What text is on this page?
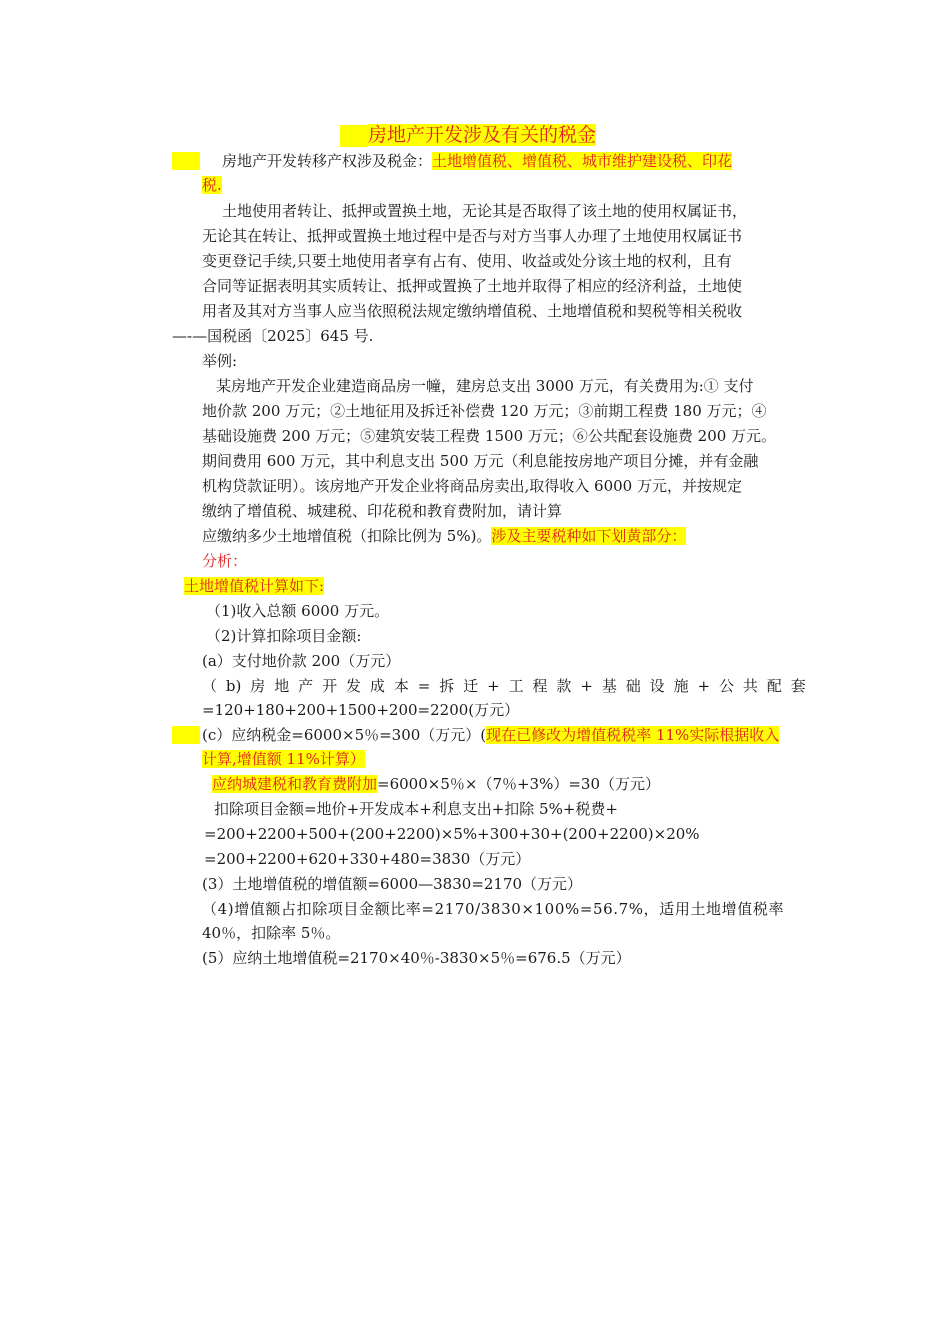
房地产开发涉及有关的税金
房地产开发转移产权涉及税金：土地增值税、增值税、城市维护建设税、印花
税.
土地使用者转让、抵押或置换土地，无论其是否取得了该土地的使用权属证书，
无论其在转让、抵押或置换土地过程中是否与对方当事人办理了土地使用权属证书
变更登记手续,只要土地使用者享有占有、使用、收益或处分该土地的权利，且有
合同等证据表明其实质转让、抵押或置换了土地并取得了相应的经济利益，土地使
用者及其对方当事人应当依照税法规定缴纳增值税、土地增值税和契税等相关税收
—-—国税函〔2025〕645 号.
举例:
某房地产开发企业建造商品房一幢，建房总支出 3000 万元，有关费用为:① 支付
地价款 200 万元；②土地征用及拆迁补偿费 120 万元；③前期工程费 180 万元；④
基础设施费 200 万元；⑤建筑安装工程费 1500 万元；⑥公共配套设施费 200 万元。
期间费用 600 万元，其中利息支出 500 万元（利息能按房地产项目分摊，并有金融
机构贷款证明）。该房地产开发企业将商品房卖出,取得收入 6000 万元，并按规定
缴纳了增值税、城建税、印花税和教育费附加，请计算
应缴纳多少土地增值税（扣除比例为 5%)。涉及主要税种如下划黄部分：
分析：
土地增值税计算如下:
（1)收入总额 6000 万元。
（2)计算扣除项目金额:
(a）支付地价款 200（万元）
（ b) 房 地 产 开 发 成 本 = 拆 迁 + 工 程 款 + 基 础 设 施 + 公 共 配 套
=120+180+200+1500+200=2200(万元）
(c）应纳税金=6000×5％=300（万元）(现在已修改为增值税税率 11%实际根据收入
计算,增值额 11%计算）
应纳城建税和教育费附加=6000×5％×（7％+3%）=30（万元）
扣除项目金额=地价+开发成本+利息支出+扣除 5%+税费+
=200+2200+500+(200+2200)×5%+300+30+(200+2200)×20%
=200+2200+620+330+480=3830（万元）
(3）土地增值税的增值额=6000—3830=2170（万元）
（4)增值额占扣除项目金额比率=2170/3830×100%=56.7%，适用土地增值税率
40％，扣除率 5％。
(5）应纳土地增值税=2170×40％-3830×5％=676.5（万元）
